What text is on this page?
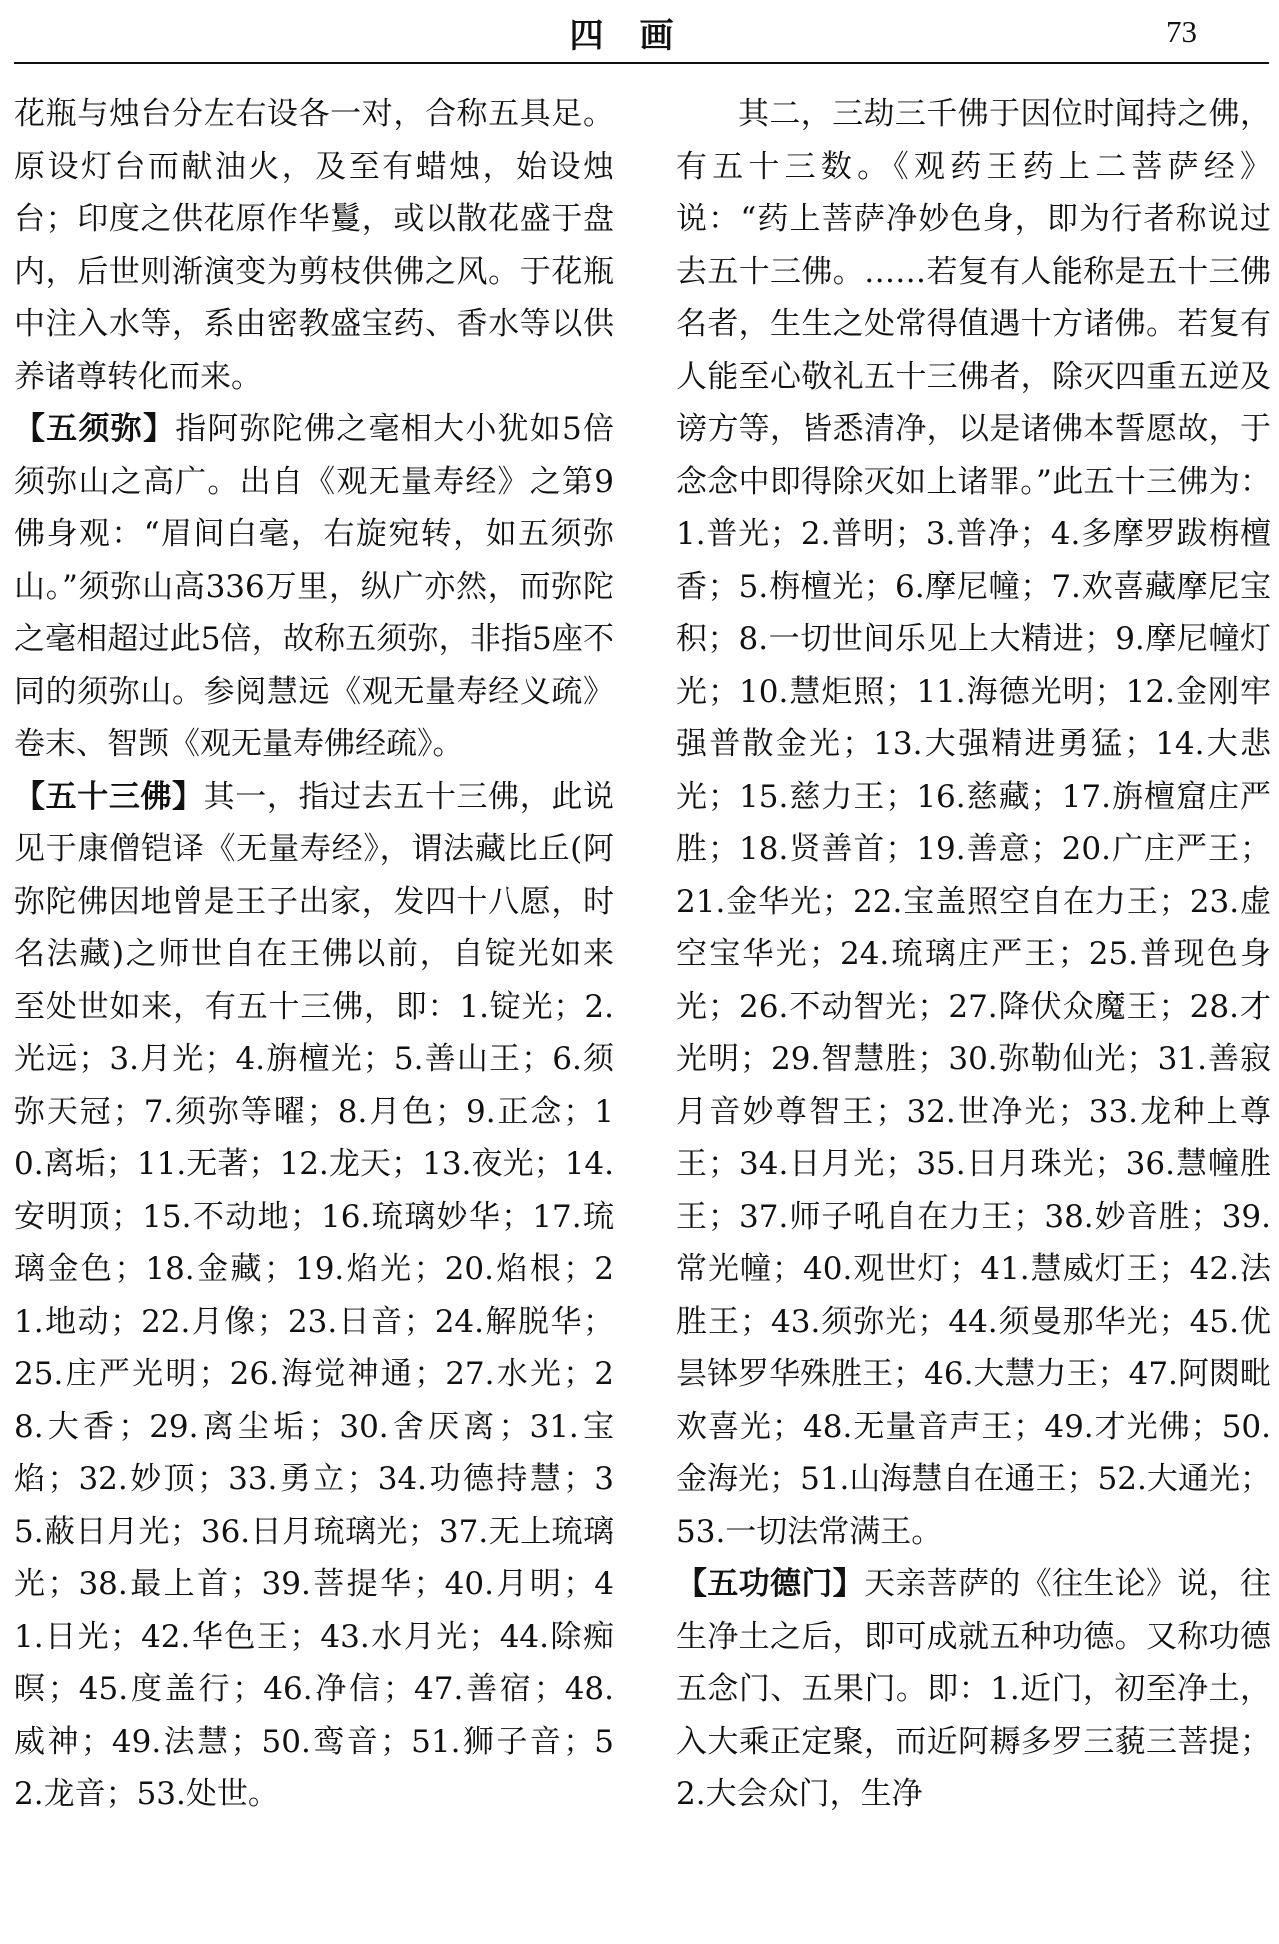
四画	73

花瓶与烛台分左右设各一对，合称五具足。原设灯台而献油火，及至有蜡烛，始设烛台；印度之供花原作华鬘，或以散花盛于盘内，后世则渐演变为剪枝供佛之风。于花瓶中注入水等，系由密教盛宝药、香水等以供养诸尊转化而来。

【五须弥】指阿弥陀佛之毫相大小犹如5倍须弥山之高广。出自《观无量寿经》之第9佛身观：“眉间白毫，右旋宛转，如五须弥山。”须弥山高336万里，纵广亦然，而弥陀之毫相超过此5倍，故称五须弥，非指5座不同的须弥山。参阅慧远《观无量寿经义疏》卷末、智𫖮《观无量寿佛经疏》。

【五十三佛】其一，指过去五十三佛，此说见于康僧铠译《无量寿经》，谓法藏比丘(阿弥陀佛因地曾是王子出家，发四十八愿，时名法藏)之师世自在王佛以前，自锭光如来至处世如来，有五十三佛，即：1.锭光；2.光远；3.月光；4.旃檀光；5.善山王；6.须弥天冠；7.须弥等曜；8.月色；9.正念；10.离垢；11.无著；12.龙天；13.夜光；14.安明顶；15.不动地；16.琉璃妙华；17.琉璃金色；18.金藏；19.焰光；20.焰根；21.地动；22.月像；23.日音；24.解脱华；25.庄严光明；26.海觉神通；27.水光；28.大香；29.离尘垢；30.舍厌离；31.宝焰；32.妙顶；33.勇立；34.功德持慧；35.蔽日月光；36.日月琉璃光；37.无上琉璃光；38.最上首；39.菩提华；40.月明；41.日光；42.华色王；43.水月光；44.除痴暝；45.度盖行；46.净信；47.善宿；48.威神；49.法慧；50.鸾音；51.狮子音；52.龙音；53.处世。

其二，三劫三千佛于因位时闻持之佛，有五十三数。《观药王药上二菩萨经》说：“药上菩萨净妙色身，即为行者称说过去五十三佛。……若复有人能称是五十三佛名者，生生之处常得值遇十方诸佛。若复有人能至心敬礼五十三佛者，除灭四重五逆及谤方等，皆悉清净，以是诸佛本誓愿故，于念念中即得除灭如上诸罪。”此五十三佛为：1.普光；2.普明；3.普净；4.多摩罗跋栴檀香；5.栴檀光；6.摩尼幢；7.欢喜藏摩尼宝积；8.一切世间乐见上大精进；9.摩尼幢灯光；10.慧炬照；11.海德光明；12.金刚牢强普散金光；13.大强精进勇猛；14.大悲光；15.慈力王；16.慈藏；17.旃檀窟庄严胜；18.贤善首；19.善意；20.广庄严王；21.金华光；22.宝盖照空自在力王；23.虚空宝华光；24.琉璃庄严王；25.普现色身光；26.不动智光；27.降伏众魔王；28.才光明；29.智慧胜；30.弥勒仙光；31.善寂月音妙尊智王；32.世净光；33.龙种上尊王；34.日月光；35.日月珠光；36.慧幢胜王；37.师子吼自在力王；38.妙音胜；39.常光幢；40.观世灯；41.慧威灯王；42.法胜王；43.须弥光；44.须曼那华光；45.优昙钵罗华殊胜王；46.大慧力王；47.阿閦毗欢喜光；48.无量音声王；49.才光佛；50.金海光；51.山海慧自在通王；52.大通光；53.一切法常满王。

【五功德门】天亲菩萨的《往生论》说，往生净土之后，即可成就五种功德。又称功德五念门、五果门。即：1.近门，初至净土，入大乘正定聚，而近阿耨多罗三藐三菩提；2.大会众门，生净
